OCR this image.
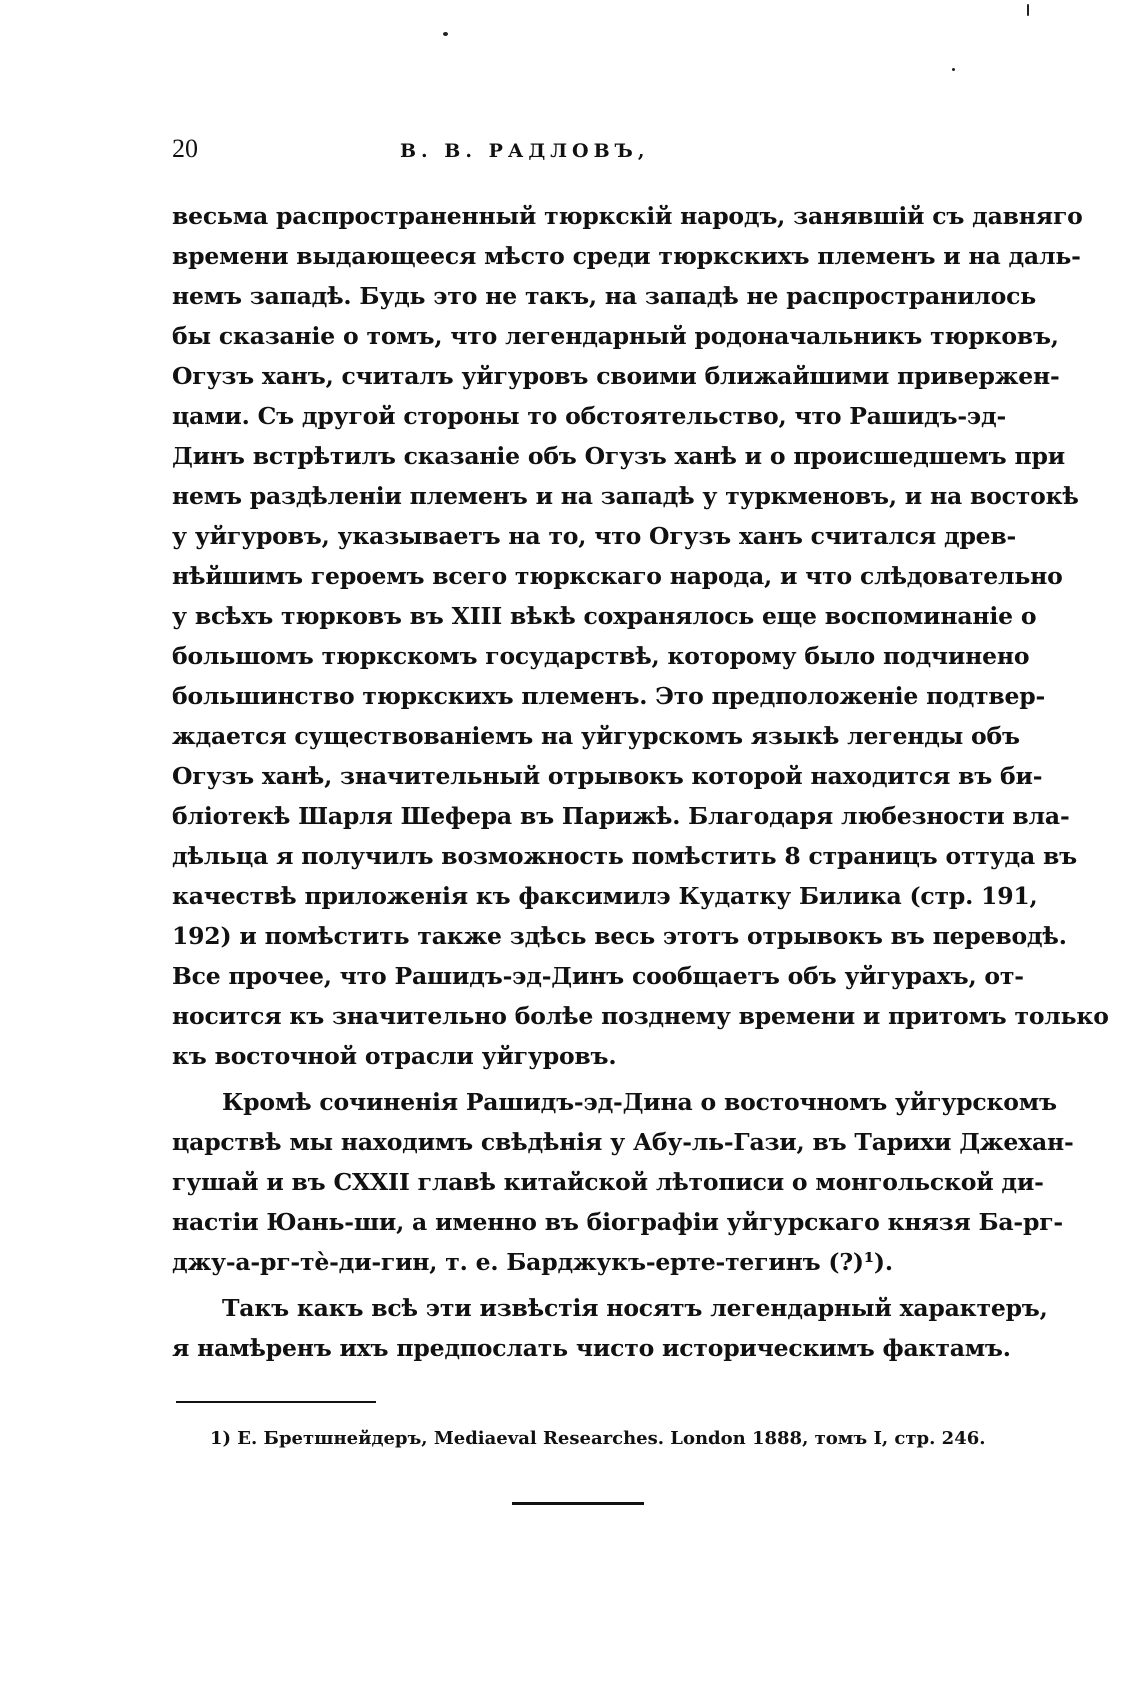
20	В. В. РАДЛОВЪ,
весьма распространенный тюркскій народъ, занявшій съ давняго
времени выдающееся мѣсто среди тюркскихъ племенъ и на даль-
немъ западѣ. Будь это не такъ, на западѣ не распространилось
бы сказаніе о томъ, что легендарный родоначальникъ тюрковъ,
Огузъ ханъ, считалъ уйгуровъ своими ближайшими привержен-
цами. Съ другой стороны то обстоятельство, что Рашидъ-эд-
Динъ встрѣтилъ сказаніе объ Огузъ ханѣ и о происшедшемъ при
немъ раздѣленіи племенъ и на западѣ у туркменовъ, и на востокѣ
у уйгуровъ, указываетъ на то, что Огузъ ханъ считался древ-
нѣйшимъ героемъ всего тюркскаго народа, и что слѣдовательно
у всѣхъ тюрковъ въ XIII вѣкѣ сохранялось еще воспоминаніе о
большомъ тюркскомъ государствѣ, которому было подчинено
большинство тюркскихъ племенъ. Это предположеніе подтвер-
ждается существованіемъ на уйгурскомъ языкѣ легенды объ
Огузъ ханѣ, значительный отрывокъ которой находится въ би-
бліотекѣ Шарля Шефера въ Парижѣ. Благодаря любезности вла-
дѣльца я получилъ возможность помѣстить 8 страницъ оттуда въ
качествѣ приложенія къ факсимилэ Кудатку Билика (стр. 191,
192) и помѣстить также здѣсь весь этотъ отрывокъ въ переводѣ.
Все прочее, что Рашидъ-эд-Динъ сообщаетъ объ уйгурахъ, от-
носится къ значительно болѣе позднему времени и притомъ только
къ восточной отрасли уйгуровъ.
Кромѣ сочиненія Рашидъ-эд-Дина о восточномъ уйгурскомъ
царствѣ мы находимъ свѣдѣнія у Абу-ль-Гази, въ Тарихи Джехан-
гушай и въ CXXII главѣ китайской лѣтописи о монгольской ди-
настіи Юань-ши, а именно въ біографіи уйгурскаго князя Ба-рг-
джу-а-рг-тѐ-ди-гин, т. е. Барджукъ-ерте-тегинъ (?)¹).
Такъ какъ всѣ эти извѣстія носятъ легендарный характеръ,
я намѣренъ ихъ предпослать чисто историческимъ фактамъ.
1) Е. Бретшнейдеръ, Mediaeval Researches. London 1888, томъ I, стр. 246.
